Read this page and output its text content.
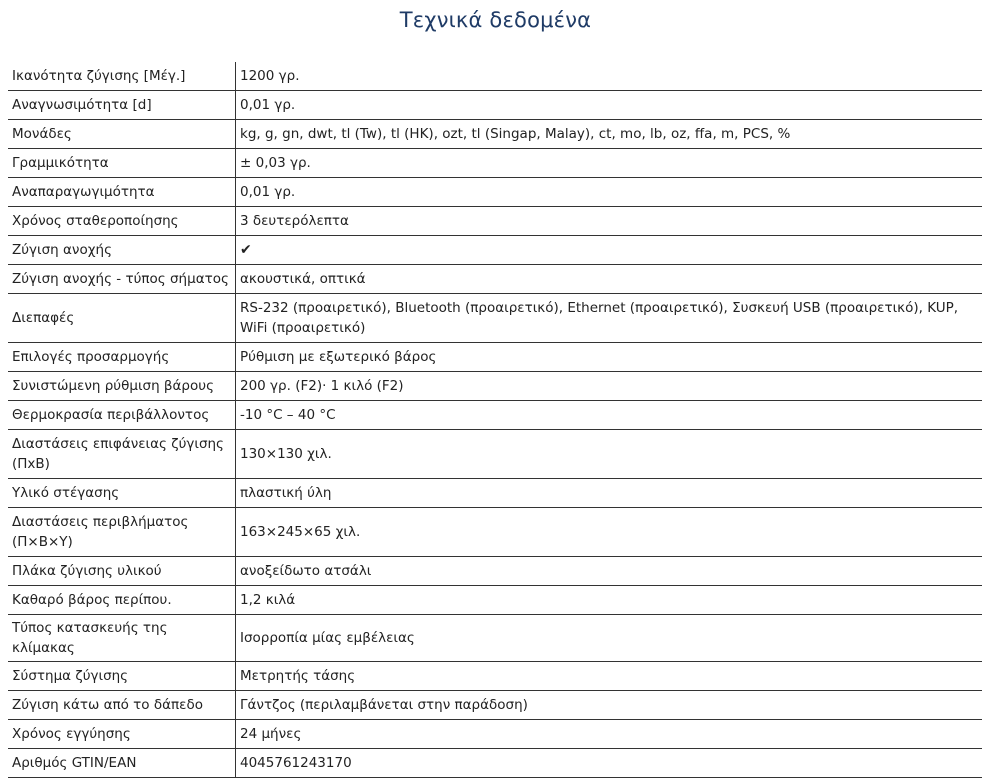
Τεχνικά δεδομένα
Ικανότητα ζύγισης [Μέγ.]	1200 γρ.
Αναγνωσιμότητα [d]	0,01 γρ.
Μονάδες	kg, g, gn, dwt, tl (Tw), tl (HK), ozt, tl (Singap, Malay), ct, mo, lb, oz, ffa, m, PCS, %
Γραμμικότητα	± 0,03 γρ.
Αναπαραγωγιμότητα	0,01 γρ.
Χρόνος σταθεροποίησης	3 δευτερόλεπτα
Ζύγιση ανοχής	✔
Ζύγιση ανοχής - τύπος σήματος	ακουστικά, οπτικά
Διεπαφές	RS-232 (προαιρετικό), Bluetooth (προαιρετικό), Ethernet (προαιρετικό), Συσκευή USB (προαιρετικό), KUP, WiFi (προαιρετικό)
Επιλογές προσαρμογής	Ρύθμιση με εξωτερικό βάρος
Συνιστώμενη ρύθμιση βάρους	200 γρ. (F2)· 1 κιλό (F2)
Θερμοκρασία περιβάλλοντος	-10 °C – 40 °C
Διαστάσεις επιφάνειας ζύγισης (ΠxΒ)	130×130 χιλ.
Υλικό στέγασης	πλαστική ύλη
Διαστάσεις περιβλήματος (Π×Β×Υ)	163×245×65 χιλ.
Πλάκα ζύγισης υλικού	ανοξείδωτο ατσάλι
Καθαρό βάρος περίπου.	1,2 κιλά
Τύπος κατασκευής της κλίμακας	Ισορροπία μίας εμβέλειας
Σύστημα ζύγισης	Μετρητής τάσης
Ζύγιση κάτω από το δάπεδο	Γάντζος (περιλαμβάνεται στην παράδοση)
Χρόνος εγγύησης	24 μήνες
Αριθμός GTIN/EAN	4045761243170
